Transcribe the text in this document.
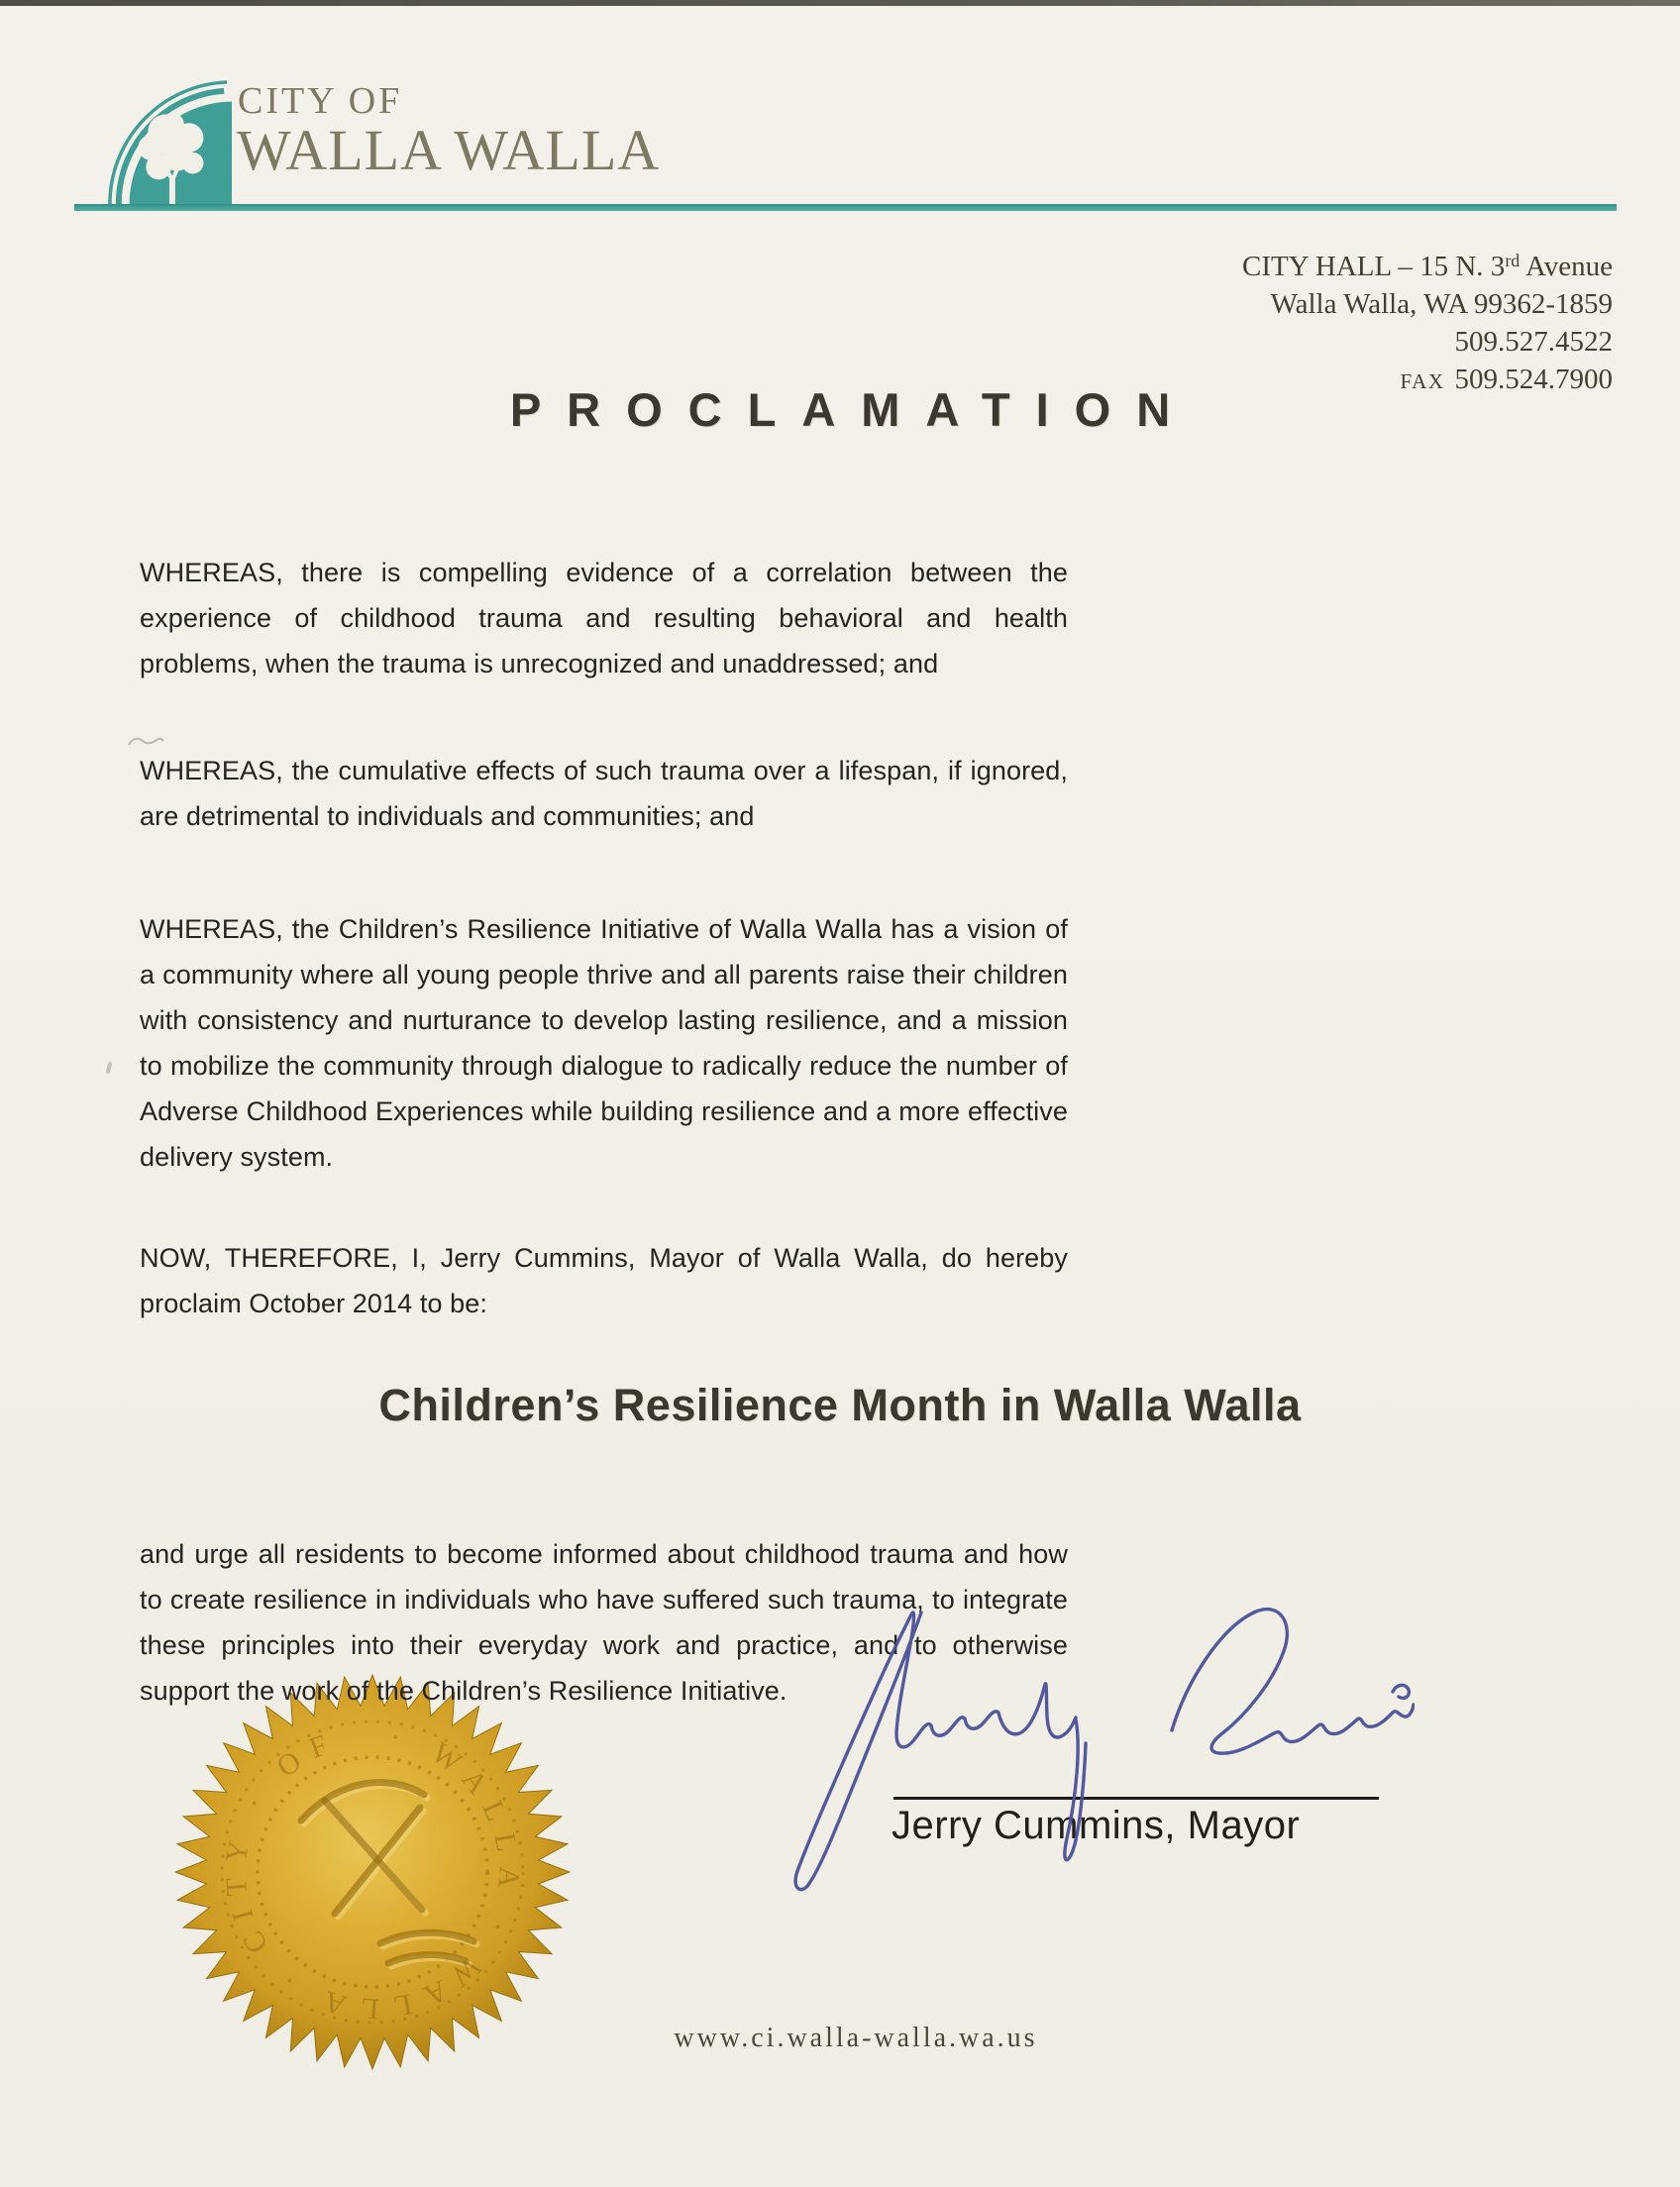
CITY OF
WALLA WALLA
CITY HALL – 15 N. 3rd Avenue
Walla Walla, WA 99362-1859
509.527.4522
FAX 509.524.7900
PROCLAMATION
WHEREAS, there is compelling evidence of a correlation between the experience of childhood trauma and resulting behavioral and health problems, when the trauma is unrecognized and unaddressed; and
WHEREAS, the cumulative effects of such trauma over a lifespan, if ignored, are detrimental to individuals and communities; and
WHEREAS, the Children’s Resilience Initiative of Walla Walla has a vision of a community where all young people thrive and all parents raise their children with consistency and nurturance to develop lasting resilience, and a mission to mobilize the community through dialogue to radically reduce the number of Adverse Childhood Experiences while building resilience and a more effective delivery system.
NOW, THEREFORE, I, Jerry Cummins, Mayor of Walla Walla, do hereby proclaim October 2014 to be:
Children’s Resilience Month in Walla Walla
and urge all residents to become informed about childhood trauma and how to create resilience in individuals who have suffered such trauma, to integrate these principles into their everyday work and practice, and to otherwise support the work of the Children’s Resilience Initiative.
· WALLA · WALLA · CITY · OF
Jerry Cummins, Mayor
www.ci.walla-walla.wa.us
